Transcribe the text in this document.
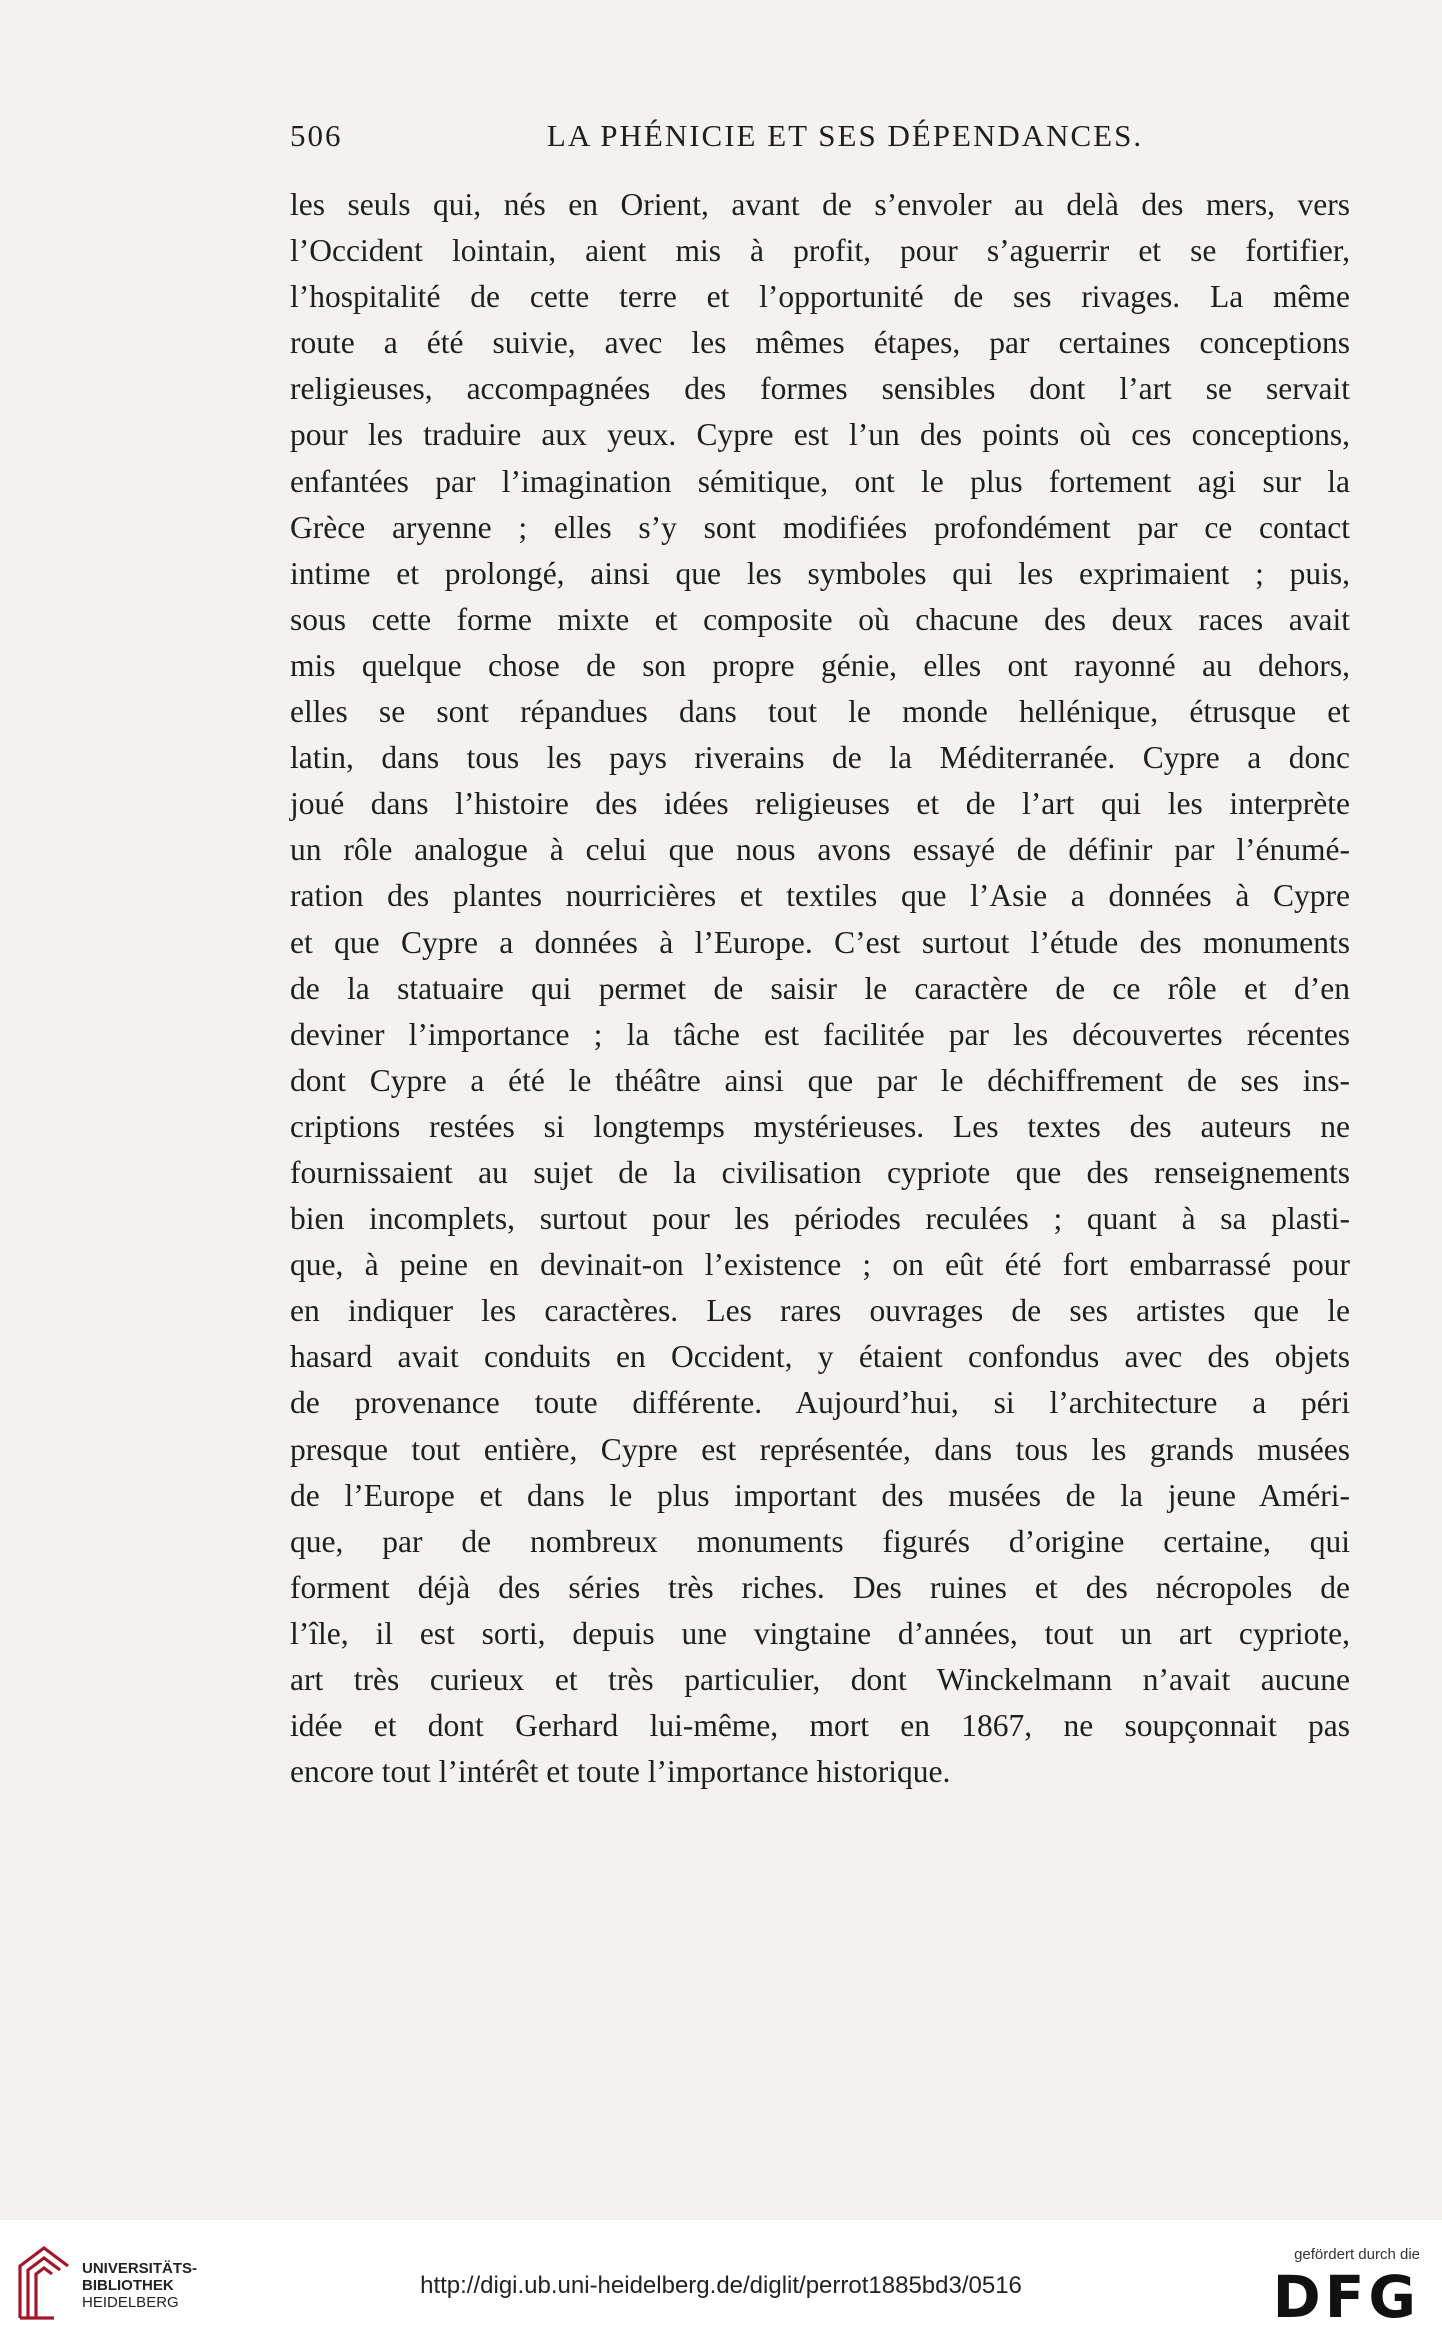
506	LA PHÉNICIE ET SES DÉPENDANCES.
les seuls qui, nés en Orient, avant de s’envoler au delà des mers, vers
l’Occident lointain, aient mis à profit, pour s’aguerrir et se fortifier,
l’hospitalité de cette terre et l’opportunité de ses rivages. La même
route a été suivie, avec les mêmes étapes, par certaines conceptions
religieuses, accompagnées des formes sensibles dont l’art se servait
pour les traduire aux yeux. Cypre est l’un des points où ces conceptions,
enfantées par l’imagination sémitique, ont le plus fortement agi sur la
Grèce aryenne ; elles s’y sont modifiées profondément par ce contact
intime et prolongé, ainsi que les symboles qui les exprimaient ; puis,
sous cette forme mixte et composite où chacune des deux races avait
mis quelque chose de son propre génie, elles ont rayonné au dehors,
elles se sont répandues dans tout le monde hellénique, étrusque et
latin, dans tous les pays riverains de la Méditerranée. Cypre a donc
joué dans l’histoire des idées religieuses et de l’art qui les interprète
un rôle analogue à celui que nous avons essayé de définir par l’énumé-
ration des plantes nourricières et textiles que l’Asie a données à Cypre
et que Cypre a données à l’Europe. C’est surtout l’étude des monuments
de la statuaire qui permet de saisir le caractère de ce rôle et d’en
deviner l’importance ; la tâche est facilitée par les découvertes récentes
dont Cypre a été le théâtre ainsi que par le déchiffrement de ses ins-
criptions restées si longtemps mystérieuses. Les textes des auteurs ne
fournissaient au sujet de la civilisation cypriote que des renseignements
bien incomplets, surtout pour les périodes reculées ; quant à sa plasti-
que, à peine en devinait-on l’existence ; on eût été fort embarrassé pour
en indiquer les caractères. Les rares ouvrages de ses artistes que le
hasard avait conduits en Occident, y étaient confondus avec des objets
de provenance toute différente. Aujourd’hui, si l’architecture a péri
presque tout entière, Cypre est représentée, dans tous les grands musées
de l’Europe et dans le plus important des musées de la jeune Améri-
que, par de nombreux monuments figurés d’origine certaine, qui
forment déjà des séries très riches. Des ruines et des nécropoles de
l’île, il est sorti, depuis une vingtaine d’années, tout un art cypriote,
art très curieux et très particulier, dont Winckelmann n’avait aucune
idée et dont Gerhard lui-même, mort en 1867, ne soupçonnait pas
encore tout l’intérêt et toute l’importance historique.
UNIVERSITÄTS-
BIBLIOTHEK
HEIDELBERG
http://digi.ub.uni-heidelberg.de/diglit/perrot1885bd3/0516
gefördert durch die
DFG
